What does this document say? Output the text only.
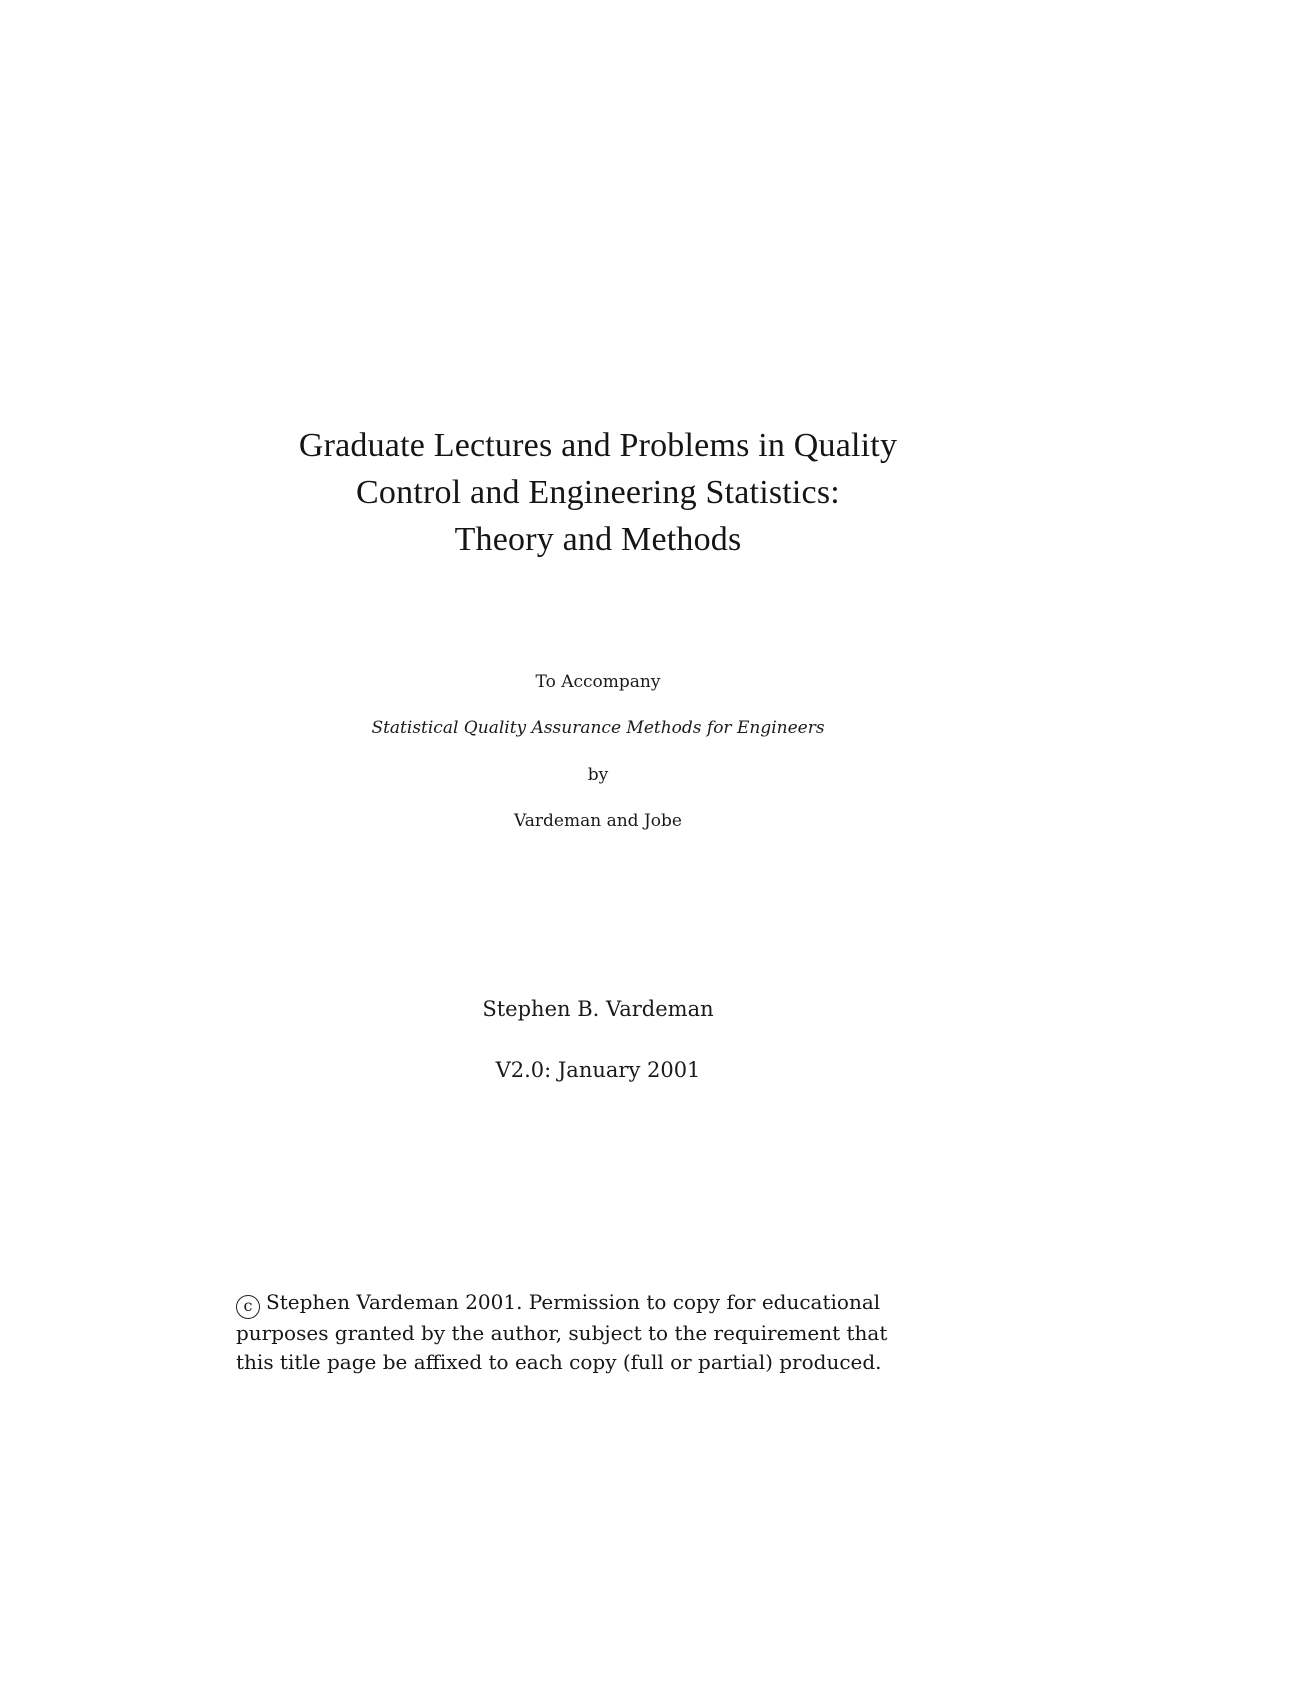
Graduate Lectures and Problems in Quality
Control and Engineering Statistics:
Theory and Methods
To Accompany
Statistical Quality Assurance Methods for Engineers
by
Vardeman and Jobe
Stephen B. Vardeman
V2.0: January 2001
c Stephen Vardeman 2001. Permission to copy for educational
purposes granted by the author, subject to the requirement that
this title page be affixed to each copy (full or partial) produced.
